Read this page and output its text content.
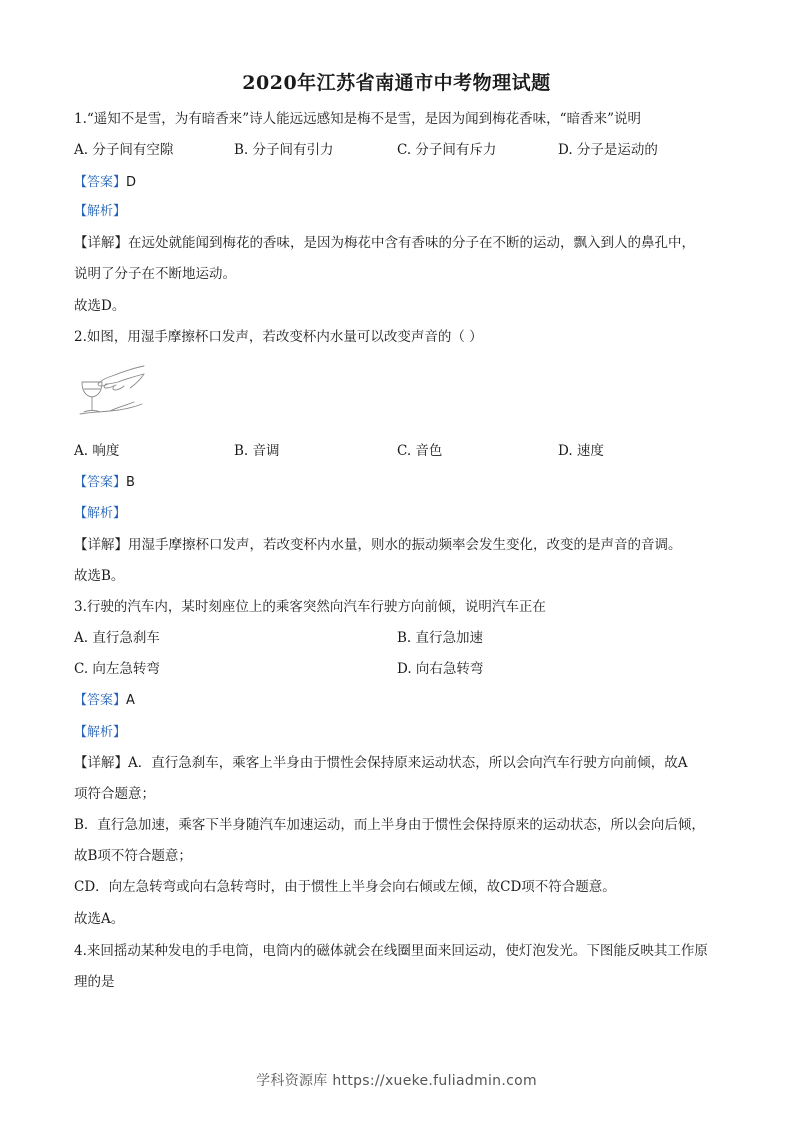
2020年江苏省南通市中考物理试题
1.“遥知不是雪，为有暗香来”诗人能远远感知是梅不是雪，是因为闻到梅花香味，“暗香来”说明
A. 分子间有空隙	B. 分子间有引力	C. 分子间有斥力	D. 分子是运动的
【答案】D
【解析】
【详解】在远处就能闻到梅花的香味，是因为梅花中含有香味的分子在不断的运动，飘入到人的鼻孔中，
说明了分子在不断地运动。
故选D。
2.如图，用湿手摩擦杯口发声，若改变杯内水量可以改变声音的（ ）
A. 响度	B. 音调	C. 音色	D. 速度
【答案】B
【解析】
【详解】用湿手摩擦杯口发声，若改变杯内水量，则水的振动频率会发生变化，改变的是声音的音调。
故选B。
3.行驶的汽车内，某时刻座位上的乘客突然向汽车行驶方向前倾，说明汽车正在
A. 直行急刹车	B. 直行急加速
C. 向左急转弯	D. 向右急转弯
【答案】A
【解析】
【详解】A．直行急刹车，乘客上半身由于惯性会保持原来运动状态，所以会向汽车行驶方向前倾，故A
项符合题意；
B．直行急加速，乘客下半身随汽车加速运动，而上半身由于惯性会保持原来的运动状态，所以会向后倾，
故B项不符合题意；
CD．向左急转弯或向右急转弯时，由于惯性上半身会向右倾或左倾，故CD项不符合题意。
故选A。
4.来回摇动某种发电的手电筒，电筒内的磁体就会在线圈里面来回运动，使灯泡发光。下图能反映其工作原
理的是
学科资源库 https://xueke.fuliadmin.com
